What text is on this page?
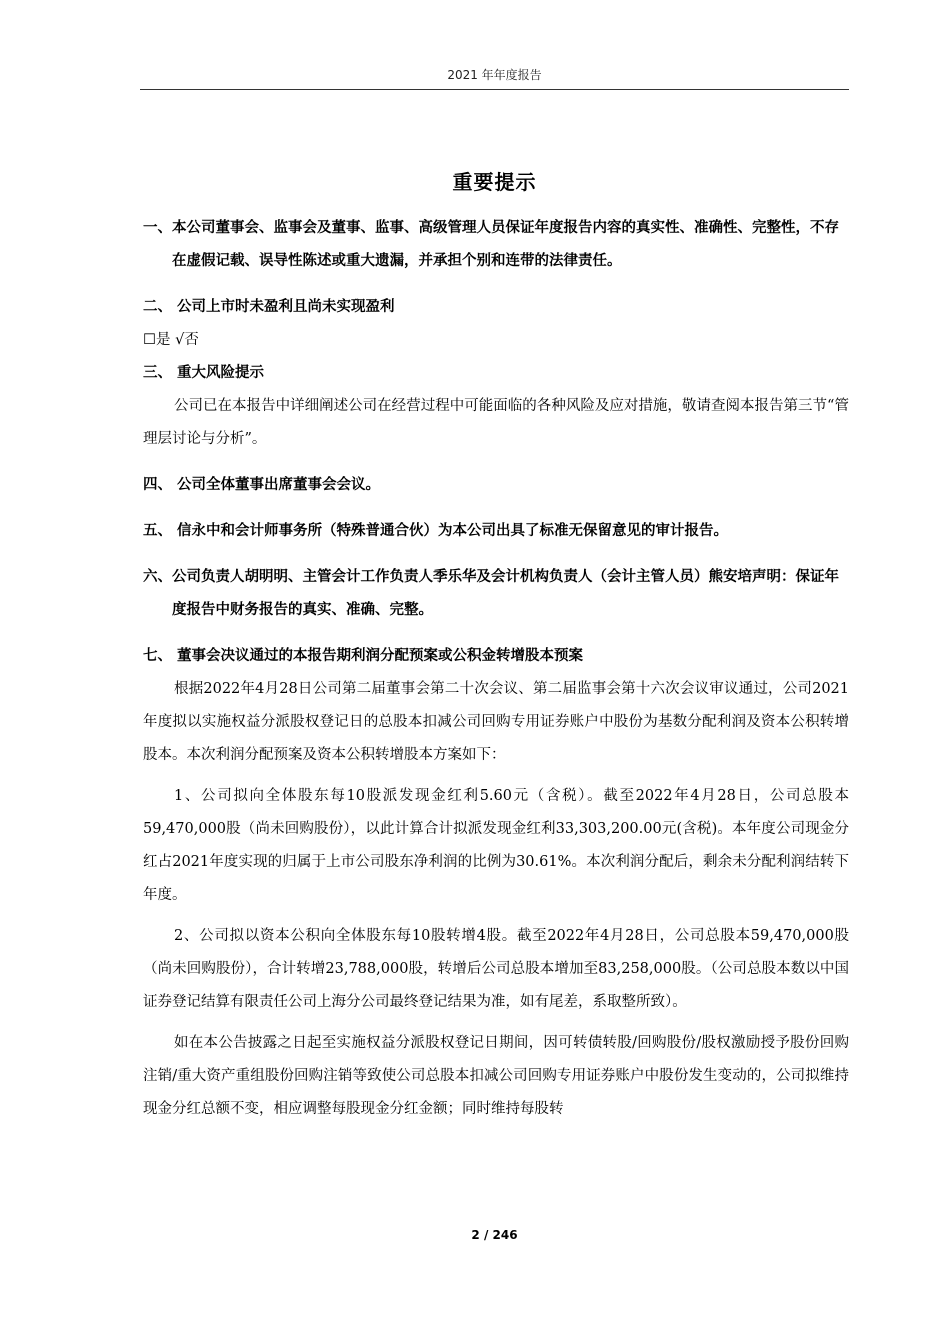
2021 年年度报告
重要提示

一、本公司董事会、监事会及董事、监事、高级管理人员保证年度报告内容的真实性、准确性、完整性，不存在虚假记载、误导性陈述或重大遗漏，并承担个别和连带的法律责任。

二、 公司上市时未盈利且尚未实现盈利

☐是 √否

三、 重大风险提示

公司已在本报告中详细阐述公司在经营过程中可能面临的各种风险及应对措施，敬请查阅本报告第三节“管理层讨论与分析”。

四、 公司全体董事出席董事会会议。

五、 信永中和会计师事务所（特殊普通合伙）为本公司出具了标准无保留意见的审计报告。

六、公司负责人胡明明、主管会计工作负责人季乐华及会计机构负责人（会计主管人员）熊安培声明：保证年度报告中财务报告的真实、准确、完整。

七、 董事会决议通过的本报告期利润分配预案或公积金转增股本预案

根据2022年4月28日公司第二届董事会第二十次会议、第二届监事会第十六次会议审议通过，公司2021年度拟以实施权益分派股权登记日的总股本扣减公司回购专用证券账户中股份为基数分配利润及资本公积转增股本。本次利润分配预案及资本公积转增股本方案如下：

1、公司拟向全体股东每10股派发现金红利5.60元（含税）。截至2022年4月28日，公司总股本59,470,000股（尚未回购股份），以此计算合计拟派发现金红利33,303,200.00元(含税)。本年度公司现金分红占2021年度实现的归属于上市公司股东净利润的比例为30.61%。本次利润分配后，剩余未分配利润结转下年度。

2、公司拟以资本公积向全体股东每10股转增4股。截至2022年4月28日，公司总股本59,470,000股（尚未回购股份），合计转增23,788,000股，转增后公司总股本增加至83,258,000股。（公司总股本数以中国证券登记结算有限责任公司上海分公司最终登记结果为准，如有尾差，系取整所致）。

如在本公告披露之日起至实施权益分派股权登记日期间，因可转债转股/回购股份/股权激励授予股份回购注销/重大资产重组股份回购注销等致使公司总股本扣减公司回购专用证券账户中股份发生变动的，公司拟维持现金分红总额不变，相应调整每股现金分红金额；同时维持每股转

2 / 246
